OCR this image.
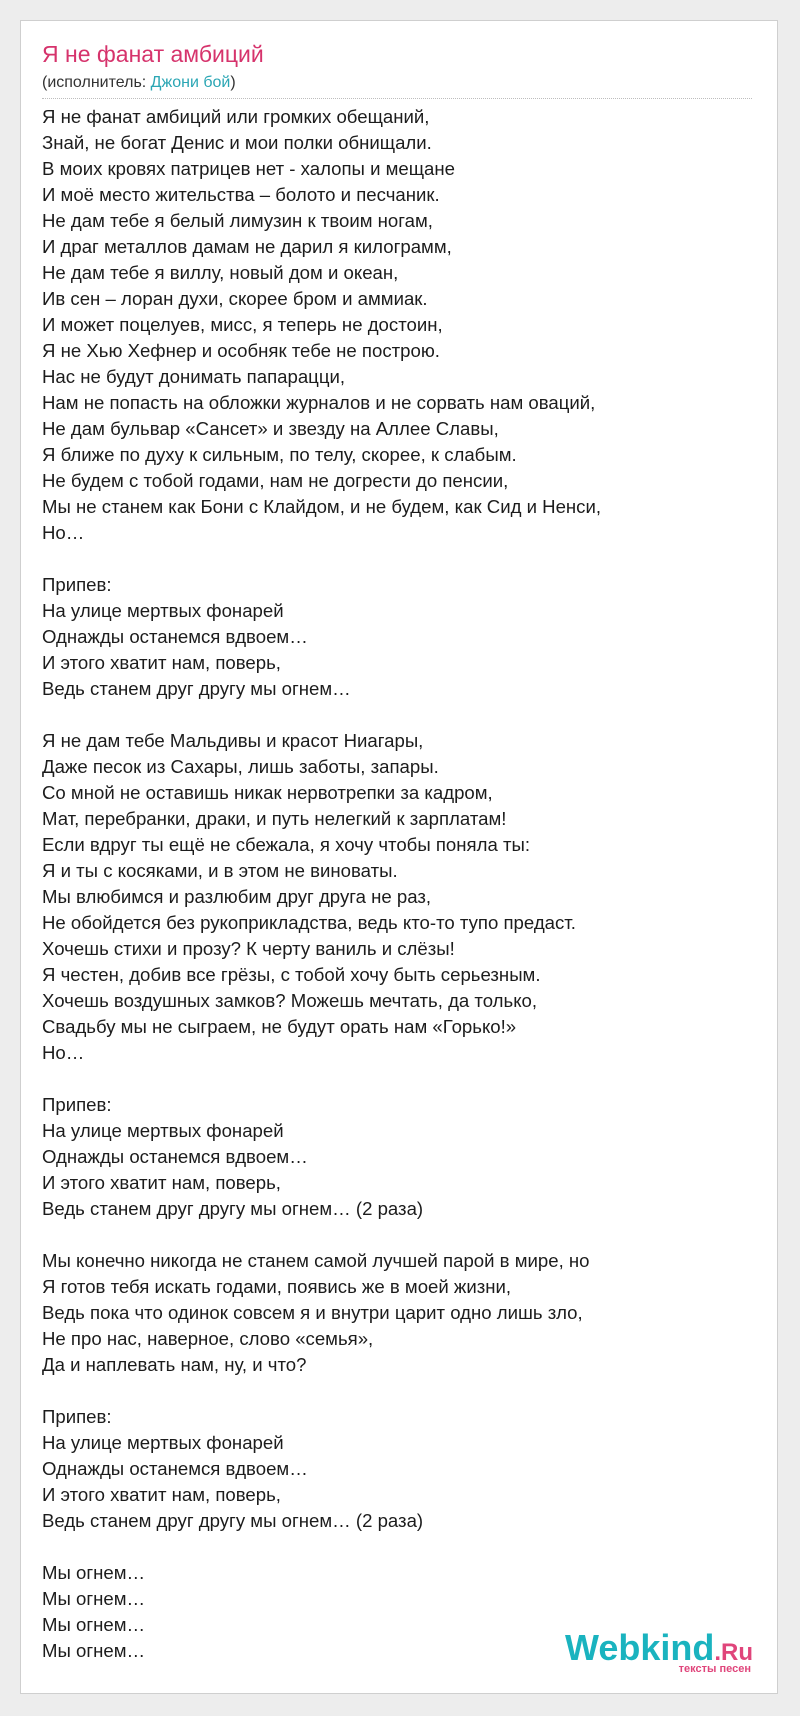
Я не фанат амбиций
(исполнитель: Джони бой)
Я не фанат амбиций или громких обещаний,
Знай, не богат Денис и мои полки обнищали.
В моих кровях патрицев нет - халопы и мещане
И моё место жительства – болото и песчаник.
Не дам тебе я белый лимузин к твоим ногам,
И драг металлов дамам не дарил я килограмм,
Не дам тебе я виллу, новый дом и океан,
Ив сен – лоран духи, скорее бром и аммиак.
И может поцелуев, мисс, я теперь не достоин,
Я не Хью Хефнер и особняк тебе не построю.
Нас не будут донимать папарацци,
Нам не попасть на обложки журналов и не сорвать нам оваций,
Не дам бульвар «Сансет» и звезду на Аллее Славы,
Я ближе по духу к сильным, по телу, скорее, к слабым.
Не будем с тобой годами, нам не догрести до пенсии,
Мы не станем как Бони с Клайдом, и не будем, как Сид и Ненси,
Но…
Припев:
На улице мертвых фонарей
Однажды останемся вдвоем…
И этого хватит нам, поверь,
Ведь станем друг другу мы огнем…
Я не дам тебе Мальдивы и красот Ниагары,
Даже песок из Сахары, лишь заботы, запары.
Со мной не оставишь никак нервотрепки за кадром,
Мат, перебранки, драки, и путь нелегкий к зарплатам!
Если вдруг ты ещё не сбежала, я хочу чтобы поняла ты:
Я и ты с косяками, и в этом не виноваты.
Мы влюбимся и разлюбим друг друга не раз,
Не обойдется без рукоприкладства, ведь кто-то тупо предаст.
Хочешь стихи и прозу? К черту ваниль и слёзы!
Я честен, добив все грёзы, с тобой хочу быть серьезным.
Хочешь воздушных замков? Можешь мечтать, да только,
Свадьбу мы не сыграем, не будут орать нам «Горько!»
Но…
Припев:
На улице мертвых фонарей
Однажды останемся вдвоем…
И этого хватит нам, поверь,
Ведь станем друг другу мы огнем… (2 раза)
Мы конечно никогда не станем самой лучшей парой в мире, но
Я готов тебя искать годами, появись же в моей жизни,
Ведь пока что одинок совсем я и внутри царит одно лишь зло,
Не про нас, наверное, слово «семья»,
Да и наплевать нам, ну, и что?
Припев:
На улице мертвых фонарей
Однажды останемся вдвоем…
И этого хватит нам, поверь,
Ведь станем друг другу мы огнем… (2 раза)
Мы огнем…
Мы огнем…
Мы огнем…
Мы огнем…	Webkind.Ru
тексты песен
